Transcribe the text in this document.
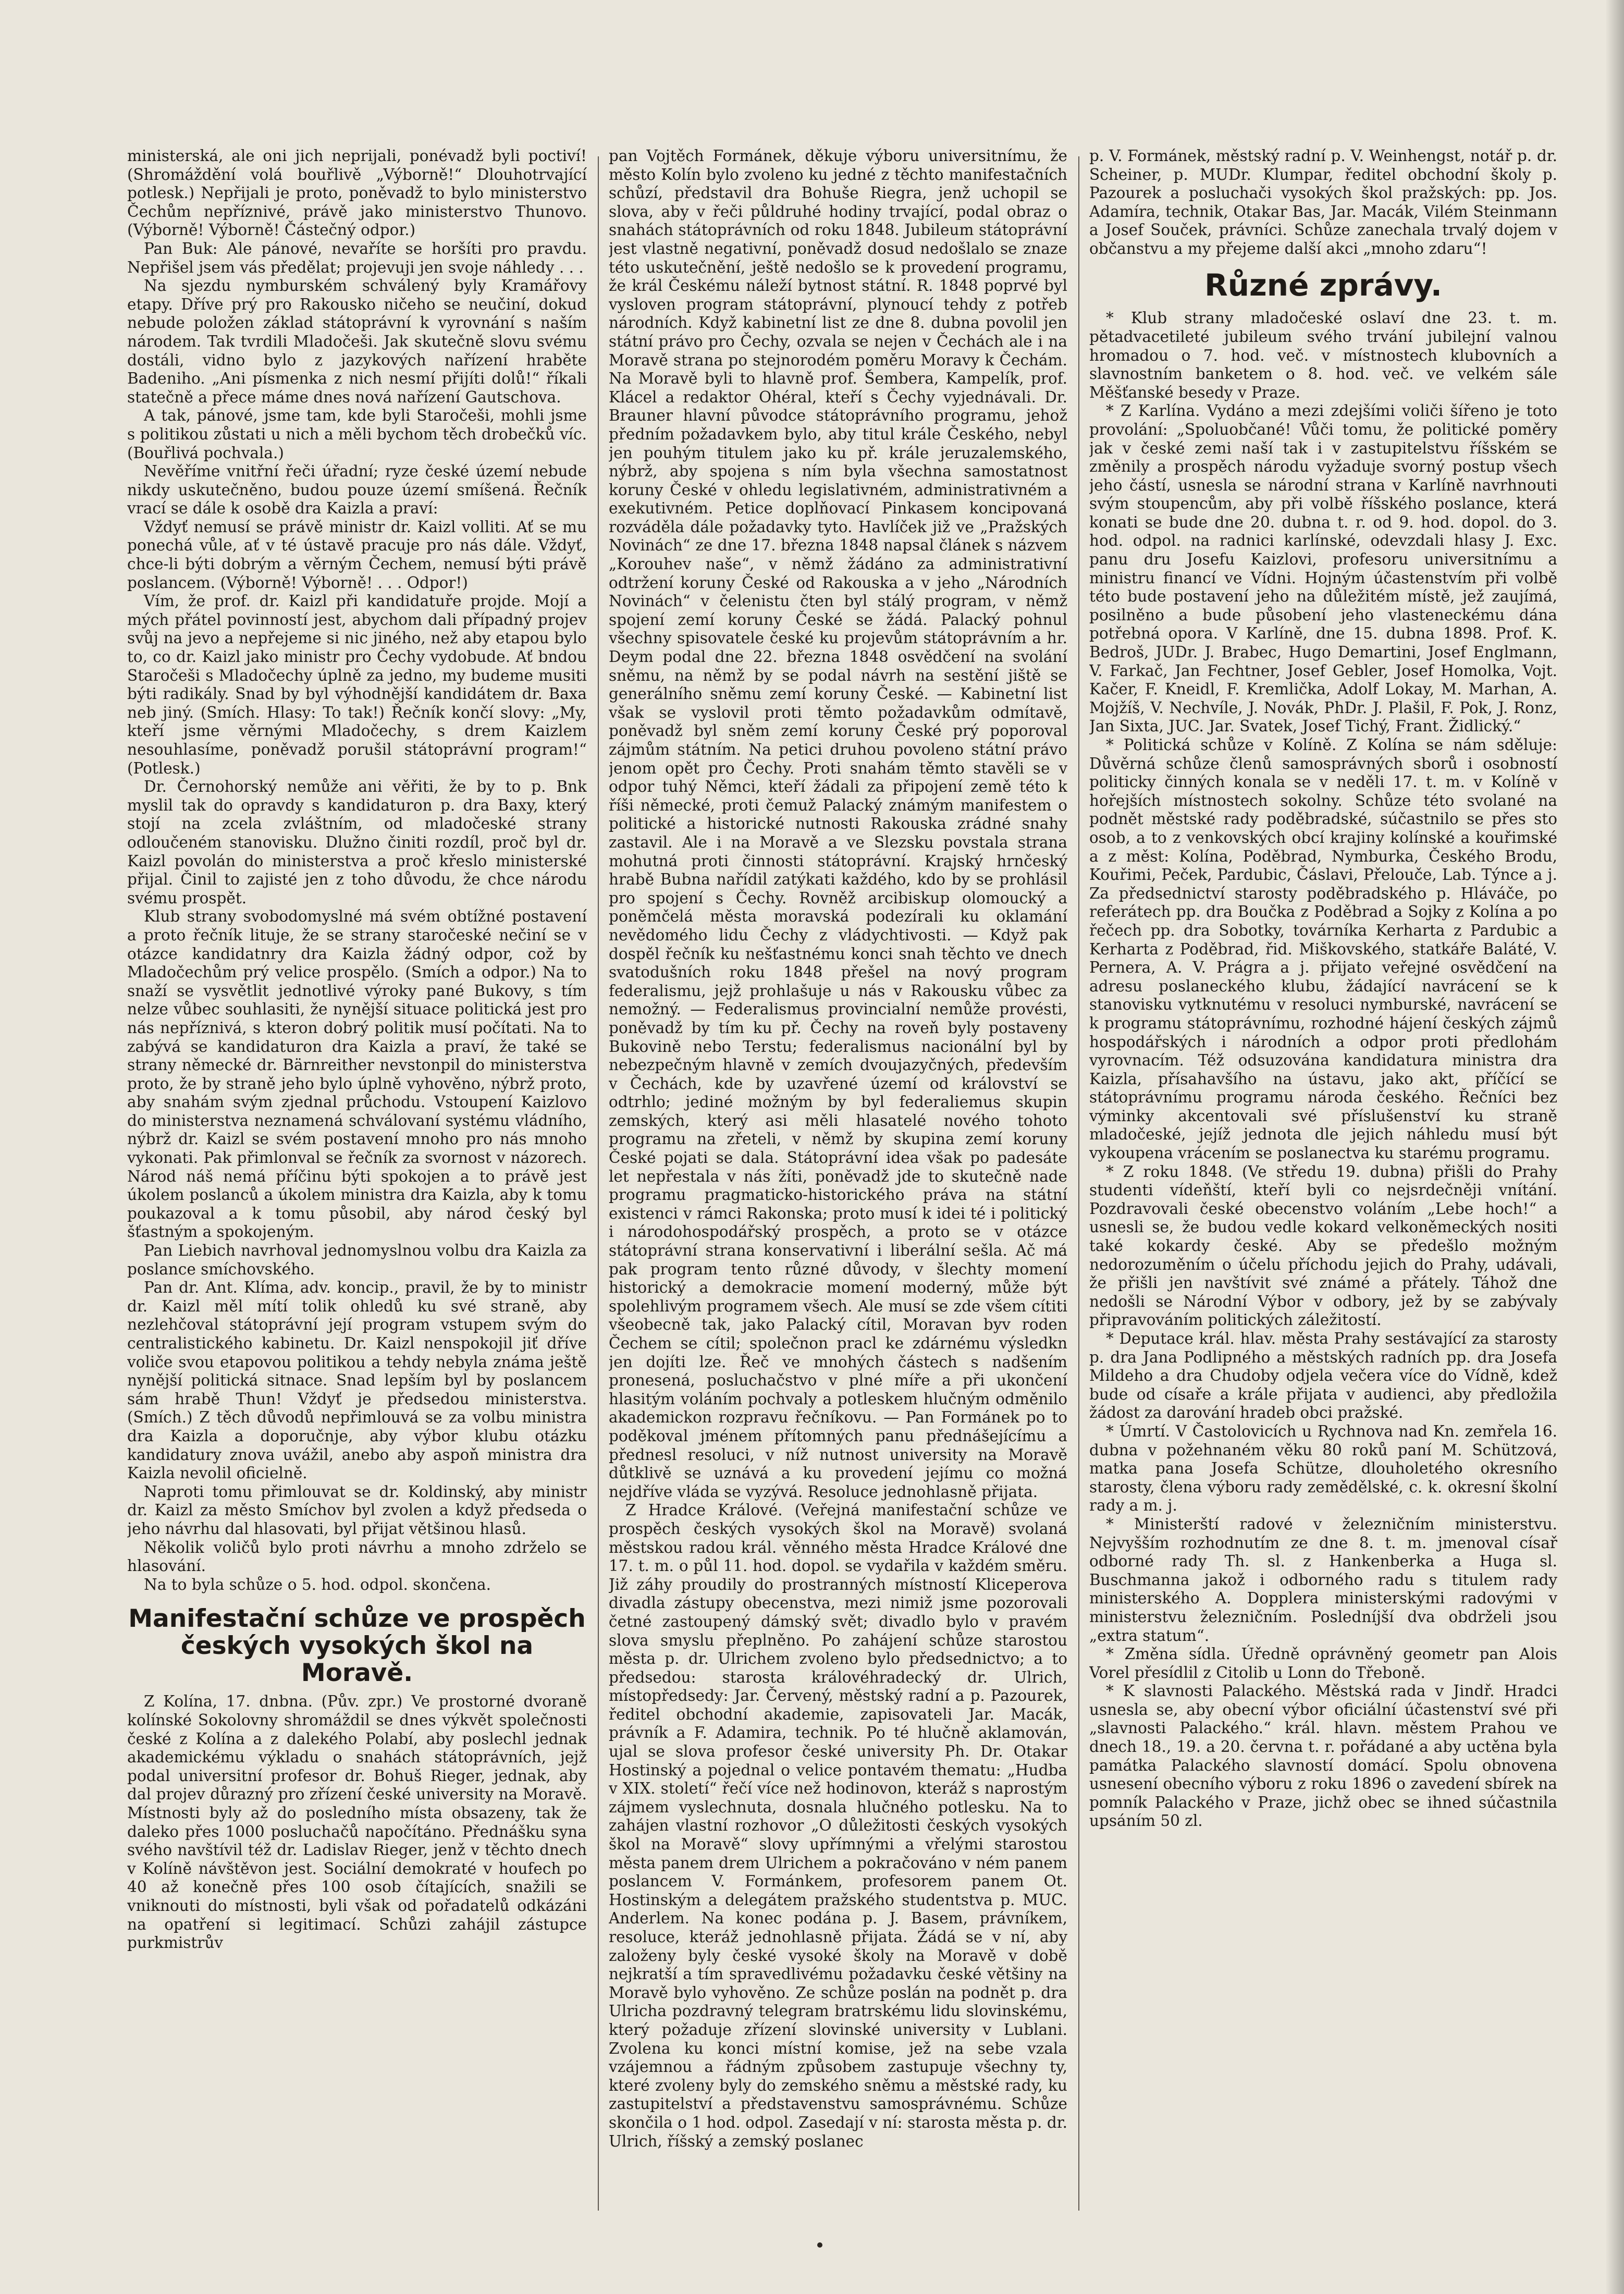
ministerská, ale oni jich neprijali, ponévadž byli poctiví! (Shromáždění volá bouřlivě „Výborně!“ Dlouhotrvající potlesk.) Nepřijali je proto, poněvadž to bylo ministerstvo Čechům nepříznivé, právě jako ministerstvo Thunovo. (Výborně! Výborně! Částečný odpor.)

Pan Buk: Ale pánové, nevaříte se horšíti pro pravdu. Nepřišel jsem vás předělat; projevuji jen svoje náhledy . . .

Na sjezdu nymburském schválený byly Kramářovy etapy. Dříve prý pro Rakousko ničeho se neučiní, dokud nebude položen základ státoprávní k vyrovnání s naším národem. Tak tvrdili Mladočeši. Jak skutečně slovu svému dostáli, vidno bylo z jazykových nařízení hraběte Badeniho. „Ani písmenka z nich nesmí přijíti dolů!“ říkali statečně a přece máme dnes nová nařízení Gautschova.

A tak, pánové, jsme tam, kde byli Staročeši, mohli jsme s politikou zůstati u nich a měli bychom těch drobečků víc. (Bouřlivá pochvala.)

Nevěříme vnitřní řeči úřadní; ryze české území nebude nikdy uskutečněno, budou pouze území smíšená. Řečník vrací se dále k osobě dra Kaizla a praví:

Vždyť nemusí se právě ministr dr. Kaizl volliti. Ať se mu ponechá vůle, ať v té ústavě pracuje pro nás dále. Vždyť, chce-li býti dobrým a věrným Čechem, nemusí býti právě poslancem. (Výborně! Výborně! . . . Odpor!)

Vím, že prof. dr. Kaizl při kandidatuře projde. Mojí a mých přátel povinností jest, abychom dali případný projev svůj na jevo a nepřejeme si nic jiného, než aby etapou bylo to, co dr. Kaizl jako ministr pro Čechy vydobude. Ať bndou Staročeši s Mladočechy úplně za jedno, my budeme musiti býti radikály. Snad by byl výhodnější kandidátem dr. Baxa neb jiný. (Smích. Hlasy: To tak!) Řečník končí slovy: „My, kteří jsme věrnými Mladočechy, s drem Kaizlem nesouhlasíme, poněvadž porušil státoprávní program!“ (Potlesk.)

Dr. Černohorský nemůže ani věřiti, že by to p. Bnk myslil tak do opravdy s kandidaturon p. dra Baxy, který stojí na zcela zvláštním, od mladočeské strany odloučeném stanovisku. Dlužno činiti rozdíl, proč byl dr. Kaizl povolán do ministerstva a proč křeslo ministerské přijal. Činil to zajisté jen z toho důvodu, že chce národu svému prospět.

Klub strany svobodomyslné má svém obtížné postavení a proto řečník lituje, že se strany staročeské nečiní se v otázce kandidatnry dra Kaizla žádný odpor, což by Mladočechům prý velice prospělo. (Smích a odpor.) Na to snaží se vysvětlit jednotlivé výroky pané Bukovy, s tím nelze vůbec souhlasiti, že nynější situace politická jest pro nás nepříznivá, s kteron dobrý politik musí počítati. Na to zabývá se kandidaturon dra Kaizla a praví, že také se strany německé dr. Bärnreither nevstonpil do ministerstva proto, že by straně jeho bylo úplně vyhověno, nýbrž proto, aby snahám svým zjednal průchodu. Vstoupení Kaizlovo do ministerstva neznamená schválovaní systému vládního, nýbrž dr. Kaizl se svém postavení mnoho pro nás mnoho vykonati. Pak přimlonval se řečník za svornost v názorech. Národ náš nemá příčinu býti spokojen a to právě jest úkolem poslanců a úkolem ministra dra Kaizla, aby k tomu poukazoval a k tomu působil, aby národ český byl šťastným a spokojeným.

Pan Liebich navrhoval jednomyslnou volbu dra Kaizla za poslance smíchovského.

Pan dr. Ant. Klíma, adv. koncip., pravil, že by to ministr dr. Kaizl měl mítí tolik ohledů ku své straně, aby nezlehčoval státoprávní její program vstupem svým do centralistického kabinetu. Dr. Kaizl nenspokojil jiť dříve voliče svou etapovou politikou a tehdy nebyla známa ještě nynější politická sitnace. Snad lepším byl by poslancem sám hrabě Thun! Vždyť je předsedou ministerstva. (Smích.) Z těch důvodů nepřimlouvá se za volbu ministra dra Kaizla a doporučnje, aby výbor klubu otázku kandidatury znova uvážil, anebo aby aspoň ministra dra Kaizla nevolil oficielně.

Naproti tomu přimlouvat se dr. Koldinský, aby ministr dr. Kaizl za město Smíchov byl zvolen a když předseda o jeho návrhu dal hlasovati, byl přijat většinou hlasů.

Několik voličů bylo proti návrhu a mnoho zdrželo se hlasování.

Na to byla schůze o 5. hod. odpol. skončena.

Manifestační schůze ve prospěch českých vysokých škol na Moravě.

Z Kolína, 17. dnbna. (Pův. zpr.) Ve prostorné dvoraně kolínské Sokolovny shromáždil se dnes výkvět společnosti české z Kolína a z dalekého Polabí, aby poslechl jednak akademickému výkladu o snahách státoprávních, jejž podal universitní profesor dr. Bohuš Rieger, jednak, aby dal projev důrazný pro zřízení české university na Moravě. Místnosti byly až do posledního místa obsazeny, tak že daleko přes 1000 posluchačů napočítáno. Přednášku syna svého navštívil též dr. Ladislav Rieger, jenž v těchto dnech v Kolíně návštěvon jest. Sociální demokraté v houfech po 40 až konečně přes 100 osob čítajících, snažili se vniknouti do místnosti, byli však od pořadatelů odkázáni na opatření si legitimací. Schůzi zahájil zástupce purkmistrův

pan Vojtěch Formánek, děkuje výboru universitnímu, že město Kolín bylo zvoleno ku jedné z těchto manifestačních schůzí, představil dra Bohuše Riegra, jenž uchopil se slova, aby v řeči půldruhé hodiny trvající, podal obraz o snahách státoprávních od roku 1848. Jubileum státoprávní jest vlastně negativní, poněvadž dosud nedošlalo se znaze této uskutečnění, ještě nedošlo se k provedení programu, že král Českému náleží bytnost státní. R. 1848 poprvé byl vysloven program státoprávní, plynoucí tehdy z potřeb národních. Když kabinetní list ze dne 8. dubna povolil jen státní právo pro Čechy, ozvala se nejen v Čechách ale i na Moravě strana po stejnorodém poměru Moravy k Čechám. Na Moravě byli to hlavně prof. Šembera, Kampelík, prof. Klácel a redaktor Ohéral, kteří s Čechy vyjednávali. Dr. Brauner hlavní původce státoprávního programu, jehož předním požadavkem bylo, aby titul krále Českého, nebyl jen pouhým titulem jako ku př. krále jeruzalemského, nýbrž, aby spojena s ním byla všechna samostatnost koruny České v ohledu legislativném, administrativném a exekutivném. Petice doplňovací Pinkasem koncipovaná rozváděla dále požadavky tyto. Havlíček již ve „Pražských Novinách“ ze dne 17. března 1848 napsal článek s názvem „Korouhev naše“, v němž žádáno za administrativní odtržení koruny České od Rakouska a v jeho „Národních Novinách“ v čelenistu čten byl stálý program, v němž spojení zemí koruny České se žádá. Palacký pohnul všechny spisovatele české ku projevům státoprávním a hr. Deym podal dne 22. března 1848 osvědčení na svolání sněmu, na němž by se podal návrh na sestění jiště se generálního sněmu zemí koruny České. — Kabinetní list však se vyslovil proti těmto požadavkům odmítavě, poněvadž byl sněm zemí koruny České prý poporoval zájmům státním. Na petici druhou povoleno státní právo jenom opět pro Čechy. Proti snahám těmto stavěli se v odpor tuhý Němci, kteří žádali za připojení země této k říši německé, proti čemuž Palacký známým manifestem o politické a historické nutnosti Rakouska zrádné snahy zastavil. Ale i na Moravě a ve Slezsku povstala strana mohutná proti činnosti státoprávní. Krajský hrnčeský hrabě Bubna nařídil zatýkati každého, kdo by se prohlásil pro spojení s Čechy. Rovněž arcibiskup olomoucký a poněmčelá města moravská podezírali ku oklamání nevědomého lidu Čechy z vládychtivosti. — Když pak dospěl řečník ku nešťastnému konci snah těchto ve dnech svatodušních roku 1848 přešel na nový program federalismu, jejž prohlašuje u nás v Rakousku vůbec za nemožný. — Federalismus provincialní nemůže provésti, poněvadž by tím ku př. Čechy na roveň byly postaveny Bukovině nebo Terstu; federalismus nacionální byl by nebezpečným hlavně v zemích dvoujazyčných, především v Čechách, kde by uzavřené území od království se odtrhlo; jediné možným by byl federaliemus skupin zemských, který asi měli hlasatelé nového tohoto programu na zřeteli, v němž by skupina zemí koruny České pojati se dala. Státoprávní idea však po padesáte let nepřestala v nás žíti, poněvadž jde to skutečně nade programu pragmaticko-historického práva na státní existenci v rámci Rakonska; proto musí k idei té i politický i národohospodářský prospěch, a proto se v otázce státoprávní strana konservativní i liberální sešla. Ač má pak program tento různé důvody, v šlechty momení historický a demokracie momení moderný, může být spolehlivým programem všech. Ale musí se zde všem cítiti všeobecně tak, jako Palacký cítil, Moravan byv roden Čechem se cítil; společnon pracl ke zdárnému výsledkn jen dojíti lze. Řeč ve mnohých částech s nadšením pronesená, posluchačstvo v plné míře a při ukončení hlasitým voláním pochvaly a potleskem hlučným odměnilo akademickon rozpravu řečníkovu. — Pan Formánek po to poděkoval jménem přítomných panu přednášejícímu a přednesl resoluci, v níž nutnost university na Moravě důtklivě se uznává a ku provedení jejímu co možná nejdříve vláda se vyzývá. Resoluce jednohlasně přijata.

Z Hradce Králové. (Veřejná manifestační schůze ve prospěch českých vysokých škol na Moravě) svolaná městskou radou král. věnného města Hradce Králové dne 17. t. m. o půl 11. hod. dopol. se vydařila v každém směru. Již záhy proudily do prostranných místností Kliceperova divadla zástupy obecenstva, mezi nimiž jsme pozorovali četné zastoupený dámský svět; divadlo bylo v pravém slova smyslu přeplněno. Po zahájení schůze starostou města p. dr. Ulrichem zvoleno bylo předsednictvo; a to předsedou: starosta královéhradecký dr. Ulrich, místopředsedy: Jar. Červený, městský radní a p. Pazourek, ředitel obchodní akademie, zapisovateli Jar. Macák, právník a F. Adamira, technik. Po té hlučně aklamován, ujal se slova profesor české university Ph. Dr. Otakar Hostinský a pojednal o velice pontavém thematu: „Hudba v XIX. století“ řečí více než hodinovon, kteráž s naprostým zájmem vyslechnuta, dosnala hlučného potlesku. Na to zahájen vlastní rozhovor „O důležitosti českých vysokých škol na Moravě“ slovy upřímnými a vřelými starostou města panem drem Ulrichem a pokračováno v ném panem poslancem V. Formánkem, profesorem panem Ot. Hostinským a delegátem pražského studentstva p. MUC. Anderlem. Na konec podána p. J. Basem, právníkem, resoluce, kteráž jednohlasně přijata. Žádá se v ní, aby založeny byly české vysoké školy na Moravě v době nejkratší a tím spravedlivému požadavku české většiny na Moravě bylo vyhověno. Ze schůze poslán na podnět p. dra Ulricha pozdravný telegram bratrskému lidu slovinskému, který požaduje zřízení slovinské university v Lublani. Zvolena ku konci místní komise, jež na sebe vzala vzájemnou a řádným způsobem zastupuje všechny ty, které zvoleny byly do zemského sněmu a městské rady, ku zastupitelství a představenstvu samosprávnému. Schůze skončila o 1 hod. odpol. Zasedají v ní: starosta města p. dr. Ulrich, říšský a zemský poslanec

p. V. Formánek, městský radní p. V. Weinhengst, notář p. dr. Scheiner, p. MUDr. Klumpar, ředitel obchodní školy p. Pazourek a posluchači vysokých škol pražských: pp. Jos. Adamíra, technik, Otakar Bas, Jar. Macák, Vilém Steinmann a Josef Souček, právníci. Schůze zanechala trvalý dojem v občanstvu a my přejeme další akci „mnoho zdaru“!

Různé zprávy.

* Klub strany mladočeské oslaví dne 23. t. m. pětadvacetileté jubileum svého trvání jubilejní valnou hromadou o 7. hod. več. v místnostech klubovních a slavnostním banketem o 8. hod. več. ve velkém sále Měšťanské besedy v Praze.

* Z Karlína. Vydáno a mezi zdejšími voliči šířeno je toto provolání: „Spoluobčané! Vůči tomu, že politické poměry jak v české zemi naší tak i v zastupitelstvu říšském se změnily a prospěch národu vyžaduje svorný postup všech jeho částí, usnesla se národní strana v Karlíně navrhnouti svým stoupencům, aby při volbě říšského poslance, která konati se bude dne 20. dubna t. r. od 9. hod. dopol. do 3. hod. odpol. na radnici karlínské, odevzdali hlasy J. Exc. panu dru Josefu Kaizlovi, profesoru universitnímu a ministru financí ve Vídni. Hojným účastenstvím při volbě této bude postavení jeho na důležitém místě, jež zaujímá, posilněno a bude působení jeho vlasteneckému dána potřebná opora. V Karlíně, dne 15. dubna 1898. Prof. K. Bedroš, JUDr. J. Brabec, Hugo Demartini, Josef Englmann, V. Farkač, Jan Fechtner, Josef Gebler, Josef Homolka, Vojt. Kačer, F. Kneidl, F. Kremlička, Adolf Lokay, M. Marhan, A. Mojžíš, V. Nechvíle, J. Novák, PhDr. J. Plašil, F. Pok, J. Ronz, Jan Sixta, JUC. Jar. Svatek, Josef Tichý, Frant. Židlický.“

* Politická schůze v Kolíně. Z Kolína se nám sděluje: Důvěrná schůze členů samosprávných sborů i osobností politicky činných konala se v neděli 17. t. m. v Kolíně v hořejších místnostech sokolny. Schůze této svolané na podnět městské rady poděbradské, súčastnilo se přes sto osob, a to z venkovských obcí krajiny kolínské a kouřimské a z měst: Kolína, Poděbrad, Nymburka, Českého Brodu, Kouřimi, Peček, Pardubic, Čáslavi, Přelouče, Lab. Týnce a j. Za předsednictví starosty poděbradského p. Hláváče, po referátech pp. dra Boučka z Poděbrad a Sojky z Kolína a po řečech pp. dra Sobotky, továrníka Kerharta z Pardubic a Kerharta z Poděbrad, řid. Miškovského, statkáře Baláté, V. Pernera, A. V. Prágra a j. přijato veřejné osvědčení na adresu poslaneckého klubu, žádající navrácení se k stanovisku vytknutému v resoluci nymburské, navrácení se k programu státoprávnímu, rozhodné hájení českých zájmů hospodářských i národních a odpor proti předlohám vyrovnacím. Též odsuzována kandidatura ministra dra Kaizla, přísahavšího na ústavu, jako akt, příčící se státoprávnímu programu národa českého. Řečníci bez výminky akcentovali své příslušenství ku straně mladočeské, jejíž jednota dle jejich náhledu musí být vykoupena vrácením se poslanectva ku starému programu.

* Z roku 1848. (Ve středu 19. dubna) přišli do Prahy studenti vídeňští, kteří byli co nejsrdečněji vnítání. Pozdravovali české obecenstvo voláním „Lebe hoch!“ a usnesli se, že budou vedle kokard velkoněmeckých nositi také kokardy české. Aby se předešlo možným nedorozuměním o účelu příchodu jejich do Prahy, udávali, že přišli jen navštívit své známé a přátely. Táhož dne nedošli se Národní Výbor v odbory, jež by se zabývaly připravováním politických záležitostí.

* Deputace král. hlav. města Prahy sestávající za starosty p. dra Jana Podlipného a městských radních pp. dra Josefa Mildeho a dra Chudoby odjela večera více do Vídně, kdež bude od císaře a krále přijata v audienci, aby předložila žádost za darování hradeb obci pražské.

* Úmrtí. V Častolovicích u Rychnova nad Kn. zemřela 16. dubna v požehnaném věku 80 roků paní M. Schützová, matka pana Josefa Schütze, dlouholetého okresního starosty, člena výboru rady zemědělské, c. k. okresní školní rady a m. j.

* Ministerští radové v železničním ministerstvu. Nejvyšším rozhodnutím ze dne 8. t. m. jmenoval císař odborné rady Th. sl. z Hankenberka a Huga sl. Buschmanna jakož i odborného radu s titulem rady ministerského A. Dopplera ministerskými radovými v ministerstvu železničním. Posledníjší dva obdrželi jsou „extra statum“.

* Změna sídla. Úředně oprávněný geometr pan Alois Vorel přesídlil z Citolib u Lonn do Třeboně.

* K slavnosti Palackého. Městská rada v Jindř. Hradci usnesla se, aby obecní výbor oficiální účastenství své při „slavnosti Palackého.“ král. hlavn. městem Prahou ve dnech 18., 19. a 20. června t. r. pořádané a aby uctěna byla památka Palackého slavností domácí. Spolu obnovena usnesení obecního výboru z roku 1896 o zavedení sbírek na pomník Palackého v Praze, jichž obec se ihned súčastnila upsáním 50 zl.
